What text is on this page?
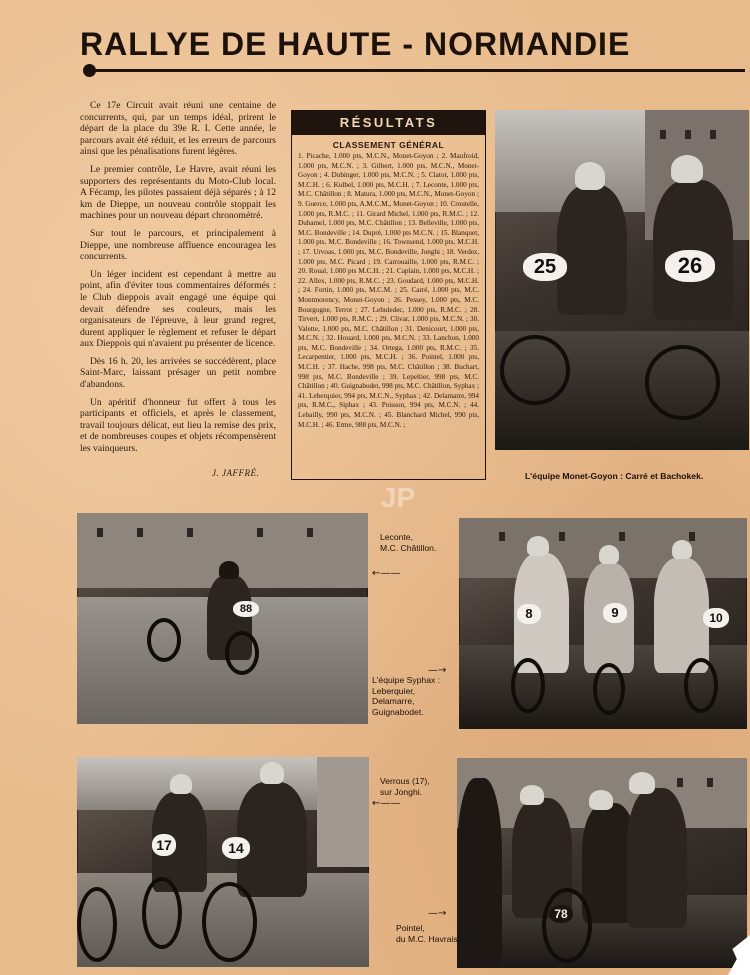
RALLYE DE HAUTE - NORMANDIE

Ce 17e Circuit avait réuni une centaine de concurrents, qui, par un temps idéal, prirent le départ de la place du 39e R. I. Cette année, le parcours avait été réduit, et les erreurs de parcours ainsi que les pénalisations furent légères.

Le premier contrôle, Le Havre, avait réuni les supporters des représentants du Moto-Club local. A Fécamp, les pilotes passaient déjà séparés ; à 12 km de Dieppe, un nouveau contrôle stoppait les machines pour un nouveau départ chronométré.

Sur tout le parcours, et principalement à Dieppe, une nombreuse affluence encourageа les concurrents.

Un léger incident est cependant à mettre au point, afin d'éviter tous commentaires déformés : le Club dieppois avait engagé une équipe qui devait défendre ses couleurs, mais les organisateurs de l'épreuve, à leur grand regret, durent appliquer le règlement et refuser le départ aux Dieppois qui n'avaient pu présenter de licence.

Dès 16 h. 20, les arrivées se succédèrent, place Saint-Marc, laissant présager un petit nombre d'abandons.

Un apéritif d'honneur fut offert à tous les participants et officiels, et après le classement, travail toujours délicat, eut lieu la remise des prix, et de nombreuses coupes et objets récompensèrent les vainqueurs.

J. JAFFRÉ.
RÉSULTATS
CLASSEMENT GÉNÉRAL
1. Picache, 1.000 pts, M.C.N., Monet-Goyon ; 2. Maufroid, 1.000 pts, M.C.N. ; 3. Gilbert, 1.000 pts, M.C.N., Monet-Goyon ; 4. Dubinger, 1.000 pts, M.C.N. ; 5. Clatot, 1.000 pts, M.C.H. ; 6. Kulbel, 1.000 pts, M.C.H. ; 7. Leconte, 1.000 pts, M.C. Châtillon ; 8. Matura, 1.000 pts, M.C.N., Monet-Goyon ; 9. Guerce, 1.000 pts, A.M.C.M., Monet-Goyon ; 10. Croutelle, 1.000 pts, R.M.C. ; 11. Girard Michel, 1.000 pts, R.M.C. ; 12. Duhamel, 1.000 pts, M.C. Châtillon ; 13. Belleville, 1.000 pts, M.C. Bondeville ; 14. Dupré, 1.000 pts M.C.N. ; 15. Blanquet, 1.000 pts, M.C. Bondeville ; 16. Townsend, 1.000 pts, M.C.H. ; 17. Urvoas, 1.000 pts, M.C. Bondeville, Jonghi ; 18. Verdez, 1.000 pts, M.C. Picard ; 19. Carrouaille, 1.000 pts, R.M.C. ; 20. Roual, 1.000 pts M.C.H. ; 21. Caplain, 1.000 pts, M.C.H. ; 22. Allex, 1.000 pts, R.M.C. ; 23. Goudard, 1.000 pts, M.C.H. ; 24. Fortin, 1.000 pts, M.C.M. ; 25. Carré, 1.000 pts, M.C. Montmorency, Monet-Goyon ; 26. Pessey, 1.000 pts, M.C. Bourgogne, Terrot ; 27. Lehuledec, 1.000 pts, R.M.C. ; 28. Tirvert, 1.000 pts, R.M.C. ; 29. Clivar, 1.000 pts, M.C.N. ; 30. Valette, 1.000 pts, M.C. Châtillon ; 31. Denicourt, 1.000 pts, M.C.N. ; 32. Houard, 1.000 pts, M.C.N. ; 33. Lanchon, 1.000 pts, M.C. Bondeville ; 34. Ortega, 1.000 pts, R.M.C. ; 35. Lecarpentier, 1.000 pts, M.C.H. ; 36. Pointel, 1.000 pts, M.C.H. ; 37. Hache, 998 pts, M.C. Châtillon ; 38. Buchart, 998 pts, M.C. Bondeville ; 39. Lepeltier, 998 pts, M.C. Châtillon ; 40. Guignabodet, 998 pts, M.C. Châtillon, Syphax ; 41. Leberquier, 994 pts, M.C.N., Syphax ; 42. Delamarre, 994 pts, R.M.C., Siphax ; 43. Poisson, 994 pts, M.C.N. ; 44. Lebailly, 990 pts, M.C.N. ; 45. Blanchard Michel, 990 pts, M.C.H. ; 46. Erme, 988 pts, M.C.N. ;
25	26
L'équipe Monet-Goyon : Carré et Bachokek.
JP
88
Leconte,
M.C. Châtillon.
←——
8	9	10
L'équipe Syphax :
Leberquier,
Delamarre,
Guignabodet.
—→
17	14
Verrous (17),
sur Jonghi.
←——
78
Pointel,
du M.C. Havrais.
—→
